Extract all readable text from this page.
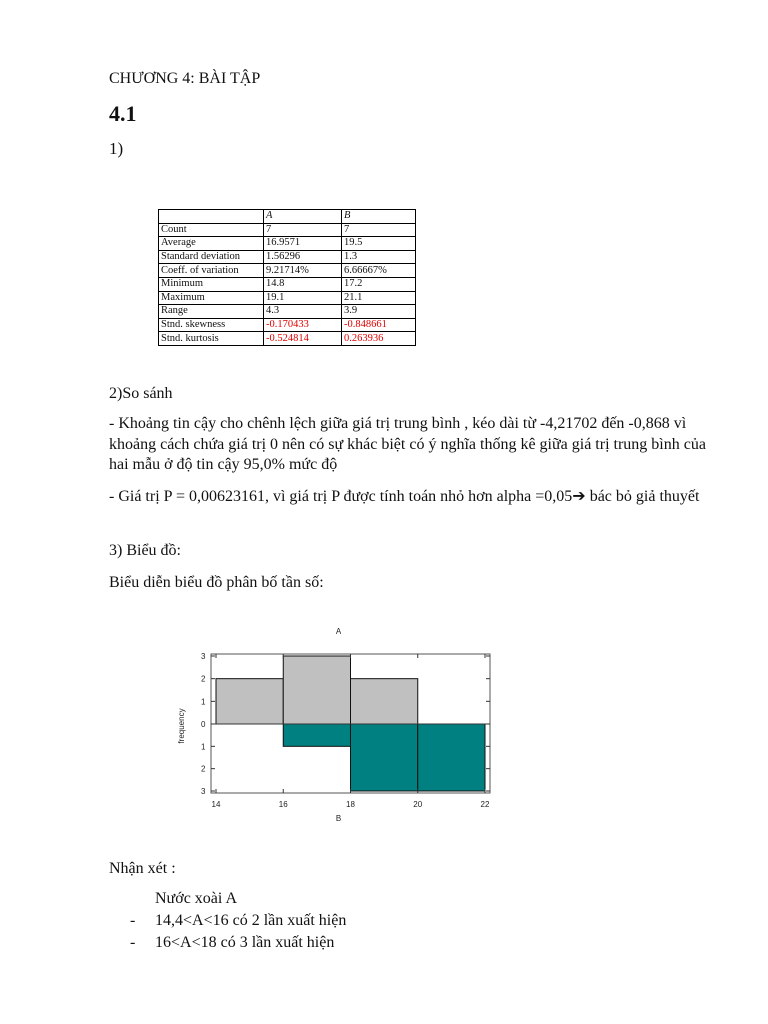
CHƯƠNG 4: BÀI TẬP
4.1
1)
	A	B
Count	7	7
Average	16.9571	19.5
Standard deviation	1.56296	1.3
Coeff. of variation	9.21714%	6.66667%
Minimum	14.8	17.2
Maximum	19.1	21.1
Range	4.3	3.9
Stnd. skewness	-0.170433	-0.848661
Stnd. kurtosis	-0.524814	0.263936
2)So sánh
- Khoảng tin cậy cho chênh lệch giữa giá trị trung bình , kéo dài từ -4,21702 đến -0,868 vì khoảng cách chứa giá trị 0 nên có sự khác biệt có ý nghĩa thống kê giữa giá trị trung bình của hai mẫu ở độ tin cậy 95,0% mức độ
- Giá trị P = 0,00623161, vì giá trị P được tính toán nhỏ hơn alpha =0,05➔ bác bỏ giả thuyết
3) Biểu đồ:
Biểu diễn biểu đồ phân bố tần số:
A
3
2
1
0
1
2
3
14	16	18	20	22
B
frequency
Nhận xét :
Nước xoài A
- 14,4<A<16 có 2 lần xuất hiện
- 16<A<18 có 3 lần xuất hiện
